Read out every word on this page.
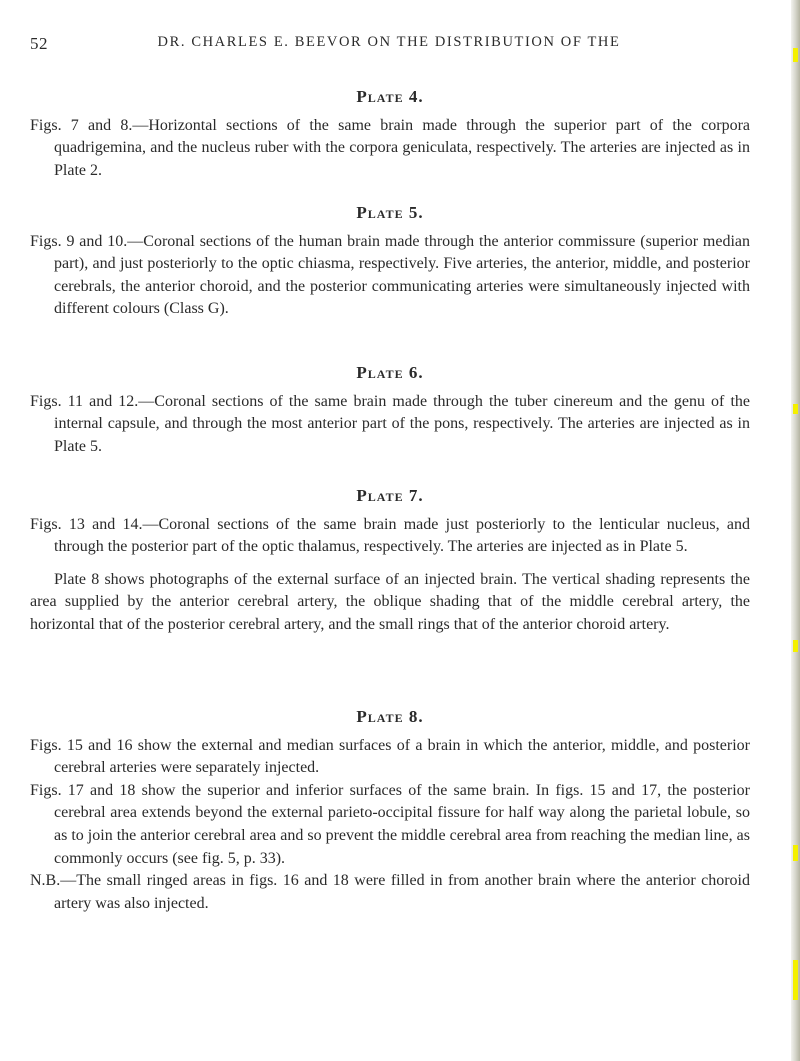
52	DR. CHARLES E. BEEVOR ON THE DISTRIBUTION OF THE
Plate 4.

Figs. 7 and 8.—Horizontal sections of the same brain made through the superior part of the corpora quadrigemina, and the nucleus ruber with the corpora geniculata, respectively. The arteries are injected as in Plate 2.

Plate 5.

Figs. 9 and 10.—Coronal sections of the human brain made through the anterior commissure (superior median part), and just posteriorly to the optic chiasma, respectively. Five arteries, the anterior, middle, and posterior cerebrals, the anterior choroid, and the posterior communicating arteries were simultaneously injected with different colours (Class G).

Plate 6.

Figs. 11 and 12.—Coronal sections of the same brain made through the tuber cinereum and the genu of the internal capsule, and through the most anterior part of the pons, respectively. The arteries are injected as in Plate 5.

Plate 7.

Figs. 13 and 14.—Coronal sections of the same brain made just posteriorly to the lenticular nucleus, and through the posterior part of the optic thalamus, respectively. The arteries are injected as in Plate 5.

Plate 8 shows photographs of the external surface of an injected brain. The vertical shading represents the area supplied by the anterior cerebral artery, the oblique shading that of the middle cerebral artery, the horizontal that of the posterior cerebral artery, and the small rings that of the anterior choroid artery.

Plate 8.

Figs. 15 and 16 show the external and median surfaces of a brain in which the anterior, middle, and posterior cerebral arteries were separately injected.

Figs. 17 and 18 show the superior and inferior surfaces of the same brain. In figs. 15 and 17, the posterior cerebral area extends beyond the external parieto-occipital fissure for half way along the parietal lobule, so as to join the anterior cerebral area and so prevent the middle cerebral area from reaching the median line, as commonly occurs (see fig. 5, p. 33).

N.B.—The small ringed areas in figs. 16 and 18 were filled in from another brain where the anterior choroid artery was also injected.
